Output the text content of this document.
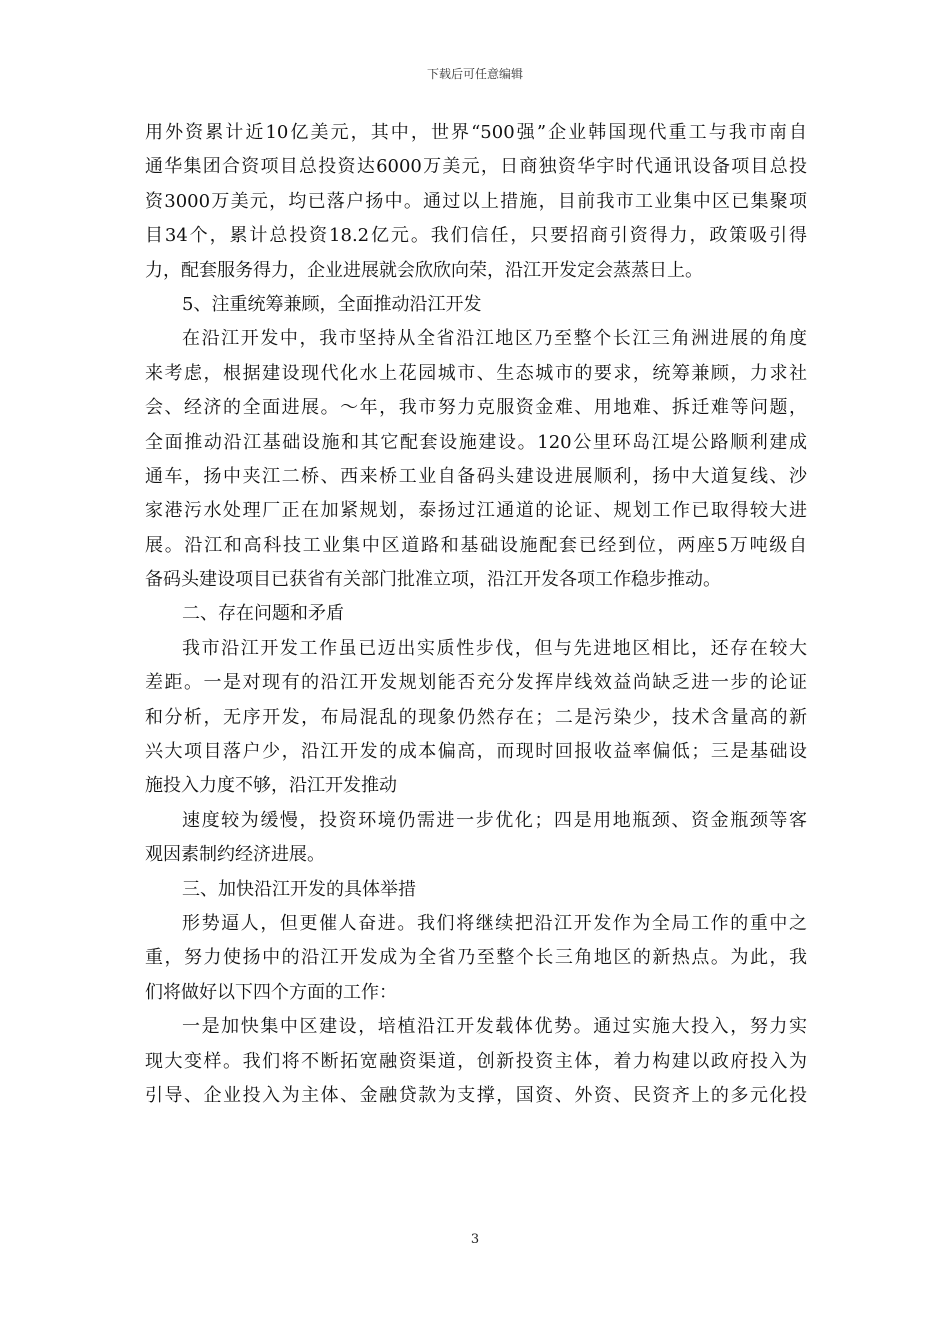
下载后可任意编辑
用外资累计近10亿美元，其中，世界“500强”企业韩国现代重工与我市南自
通华集团合资项目总投资达6000万美元，日商独资华宇时代通讯设备项目总投
资3000万美元，均已落户扬中。通过以上措施，目前我市工业集中区已集聚项
目34个，累计总投资18.2亿元。我们信任，只要招商引资得力，政策吸引得
力，配套服务得力，企业进展就会欣欣向荣，沿江开发定会蒸蒸日上。
5、注重统筹兼顾，全面推动沿江开发
在沿江开发中，我市坚持从全省沿江地区乃至整个长江三角洲进展的角度
来考虑，根据建设现代化水上花园城市、生态城市的要求，统筹兼顾，力求社
会、经济的全面进展。～年，我市努力克服资金难、用地难、拆迁难等问题，
全面推动沿江基础设施和其它配套设施建设。120公里环岛江堤公路顺利建成
通车，扬中夹江二桥、西来桥工业自备码头建设进展顺利，扬中大道复线、沙
家港污水处理厂正在加紧规划，泰扬过江通道的论证、规划工作已取得较大进
展。沿江和高科技工业集中区道路和基础设施配套已经到位，两座5万吨级自
备码头建设项目已获省有关部门批准立项，沿江开发各项工作稳步推动。
二、存在问题和矛盾
我市沿江开发工作虽已迈出实质性步伐，但与先进地区相比，还存在较大
差距。一是对现有的沿江开发规划能否充分发挥岸线效益尚缺乏进一步的论证
和分析，无序开发，布局混乱的现象仍然存在；二是污染少，技术含量高的新
兴大项目落户少，沿江开发的成本偏高，而现时回报收益率偏低；三是基础设
施投入力度不够，沿江开发推动
速度较为缓慢，投资环境仍需进一步优化；四是用地瓶颈、资金瓶颈等客
观因素制约经济进展。
三、加快沿江开发的具体举措
形势逼人，但更催人奋进。我们将继续把沿江开发作为全局工作的重中之
重，努力使扬中的沿江开发成为全省乃至整个长三角地区的新热点。为此，我
们将做好以下四个方面的工作：
一是加快集中区建设，培植沿江开发载体优势。通过实施大投入，努力实
现大变样。我们将不断拓宽融资渠道，创新投资主体，着力构建以政府投入为
引导、企业投入为主体、金融贷款为支撑，国资、外资、民资齐上的多元化投
3
